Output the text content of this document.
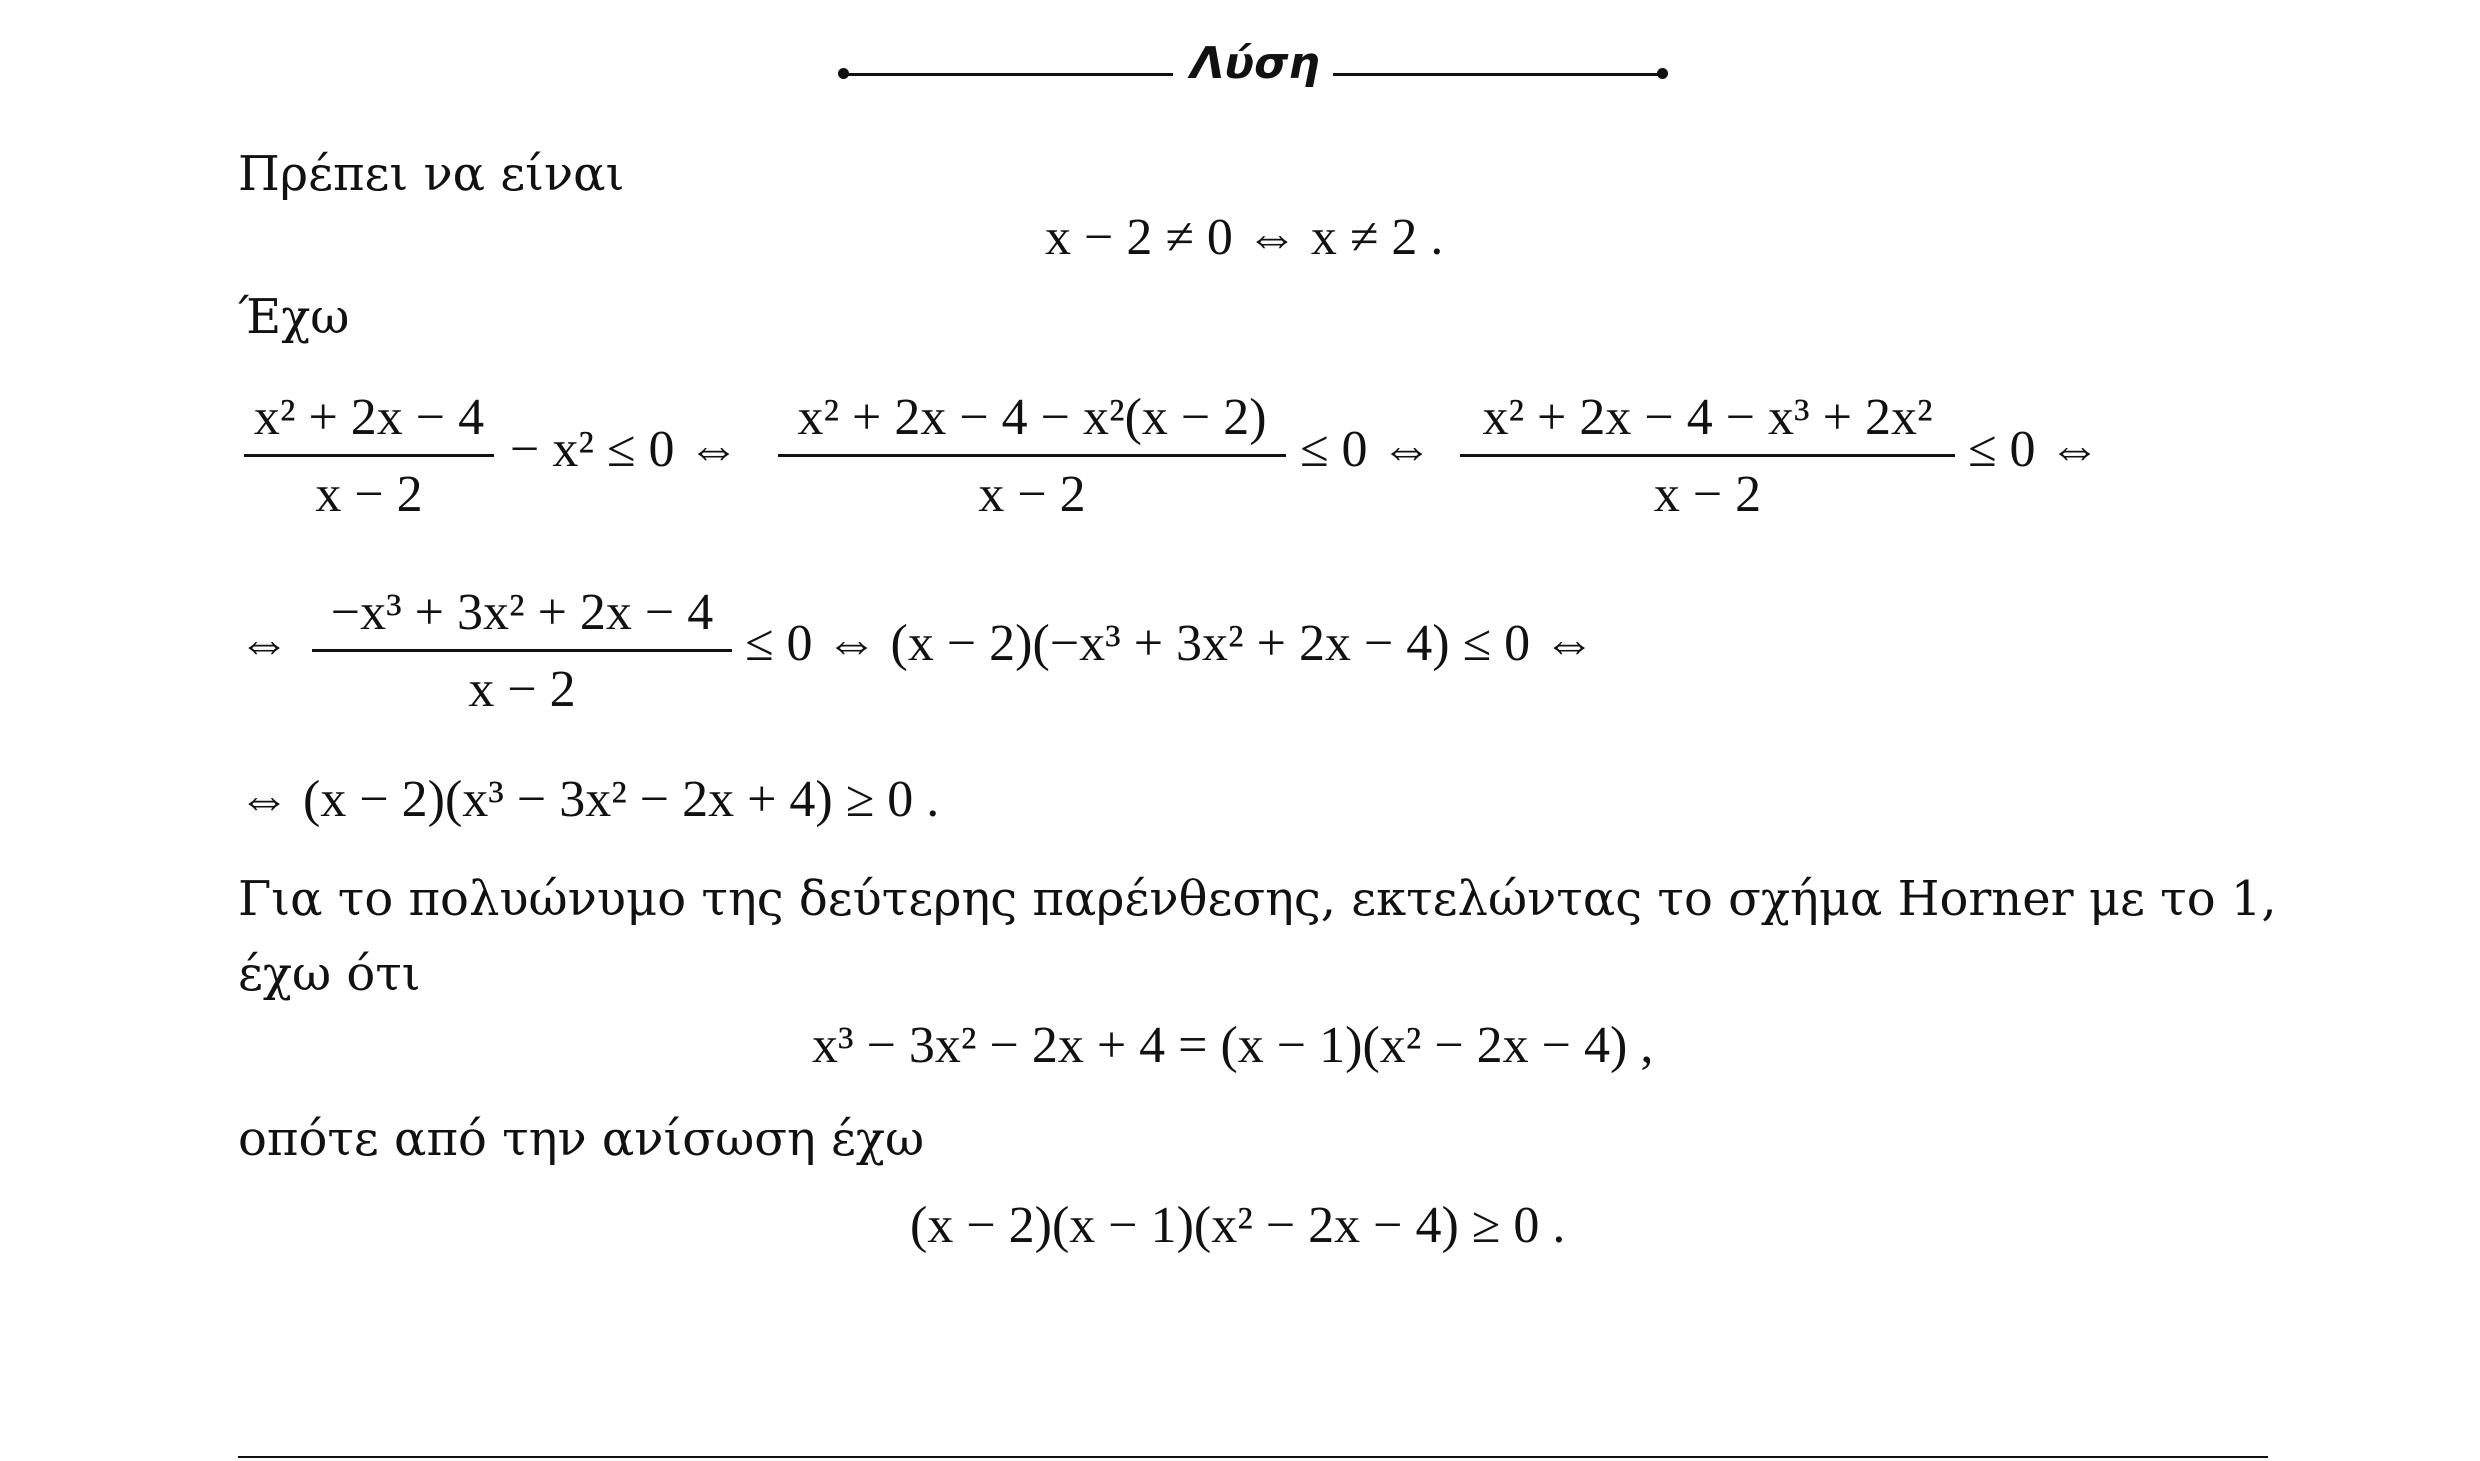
Λύση
Πρέπει να είναι
x − 2 ≠ 0 ⇔ x ≠ 2 .
Έχω
x² + 2x − 4
x − 2
− x² ≤ 0 ⇔
x² + 2x − 4 − x²(x − 2)
x − 2
≤ 0 ⇔
x² + 2x − 4 − x³ + 2x²
x − 2
≤ 0 ⇔
⇔
−x³ + 3x² + 2x − 4
x − 2
≤ 0 ⇔ (x − 2)(−x³ + 3x² + 2x − 4) ≤ 0 ⇔
⇔ (x − 2)(x³ − 3x² − 2x + 4) ≥ 0 .
Για το πολυώνυμο της δεύτερης παρένθεσης, εκτελώντας το σχήμα Horner με το 1,
έχω ότι
x³ − 3x² − 2x + 4 = (x − 1)(x² − 2x − 4) ,
οπότε από την ανίσωση έχω
(x − 2)(x − 1)(x² − 2x − 4) ≥ 0 .
